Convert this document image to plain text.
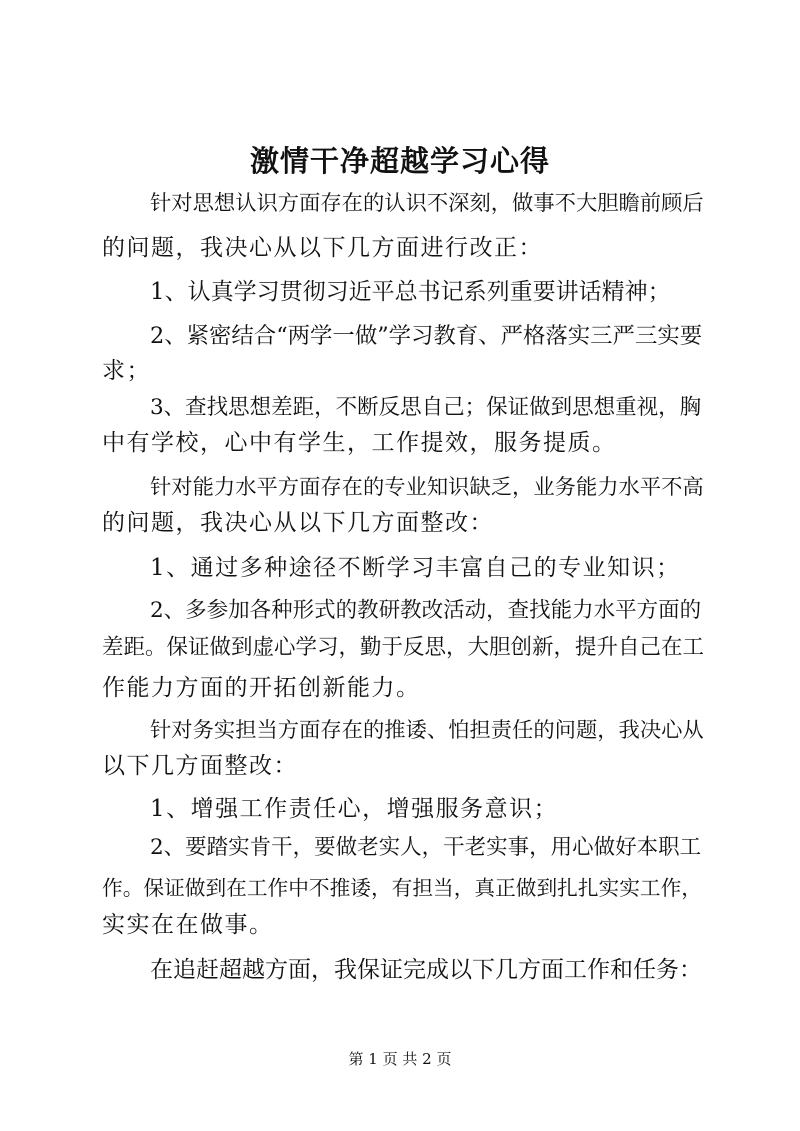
激情干净超越学习心得
针对思想认识方面存在的认识不深刻，做事不大胆瞻前顾后
的问题，我决心从以下几方面进行改正：
1、认真学习贯彻习近平总书记系列重要讲话精神；
2、紧密结合“两学一做”学习教育、严格落实三严三实要
求；
3、查找思想差距，不断反思自己；保证做到思想重视，胸
中有学校，心中有学生，工作提效，服务提质。
针对能力水平方面存在的专业知识缺乏，业务能力水平不高
的问题，我决心从以下几方面整改：
1、通过多种途径不断学习丰富自己的专业知识；
2、多参加各种形式的教研教改活动，查找能力水平方面的
差距。保证做到虚心学习，勤于反思，大胆创新，提升自己在工
作能力方面的开拓创新能力。
针对务实担当方面存在的推诿、怕担责任的问题，我决心从
以下几方面整改：
1、增强工作责任心，增强服务意识；
2、要踏实肯干，要做老实人，干老实事，用心做好本职工
作。保证做到在工作中不推诿，有担当，真正做到扎扎实实工作，
实实在在做事。
在追赶超越方面，我保证完成以下几方面工作和任务：
第 1 页 共 2 页
